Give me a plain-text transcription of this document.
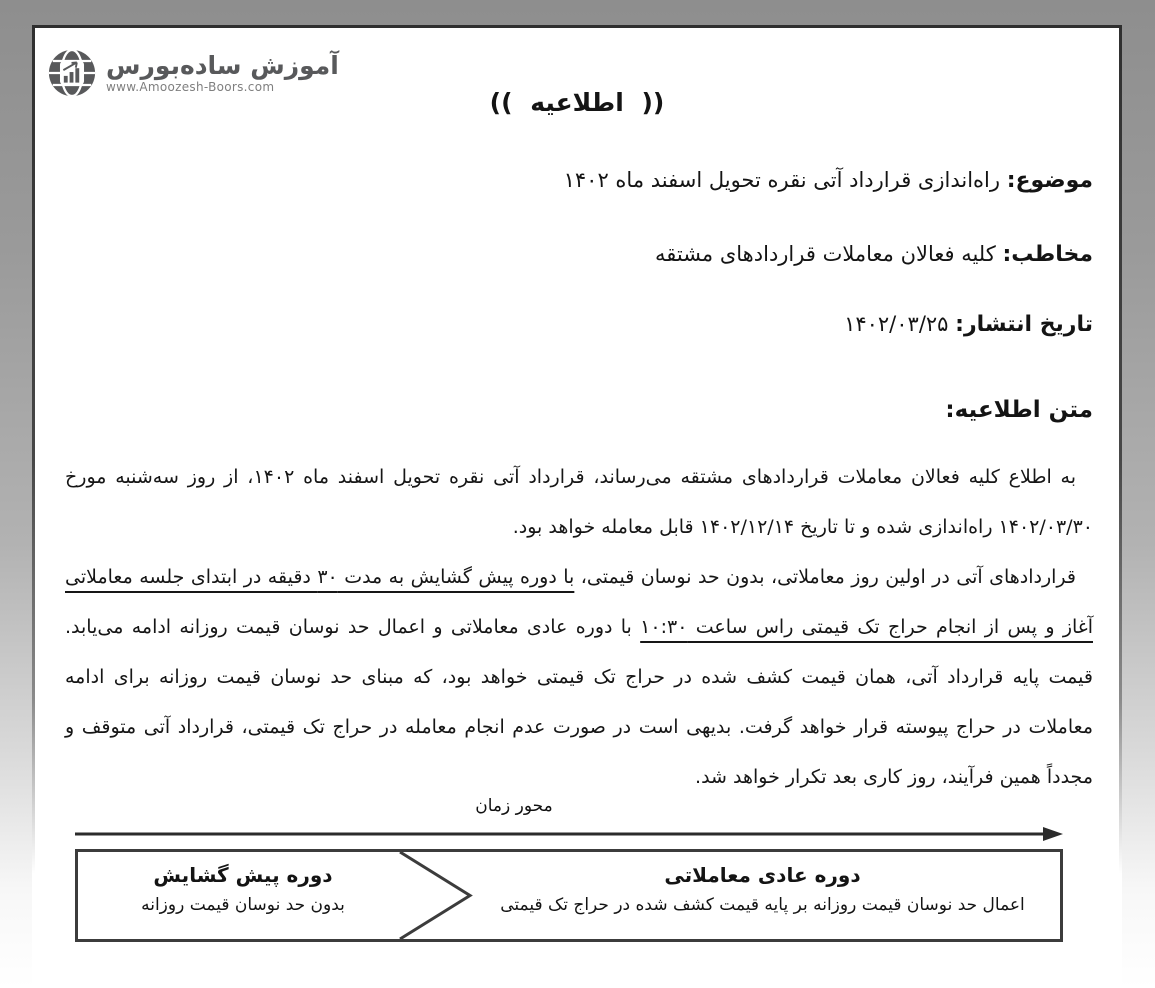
آموزش ساده‌بورس
www.Amoozesh-Boors.com
(( اطلاعیه ))
موضوع: راه‌اندازی قرارداد آتی نقره تحویل اسفند ماه ۱۴۰۲
مخاطب: کلیه فعالان معاملات قراردادهای مشتقه
تاریخ انتشار: ۱۴۰۲/۰۳/۲۵
متن اطلاعیه:

به اطلاع کلیه فعالان معاملات قراردادهای مشتقه می‌رساند، قرارداد آتی نقره تحویل اسفند ماه ۱۴۰۲، از روز سه‌شنبه مورخ ۱۴۰۲/۰۳/۳۰ راه‌اندازی شده و تا تاریخ ۱۴۰۲/۱۲/۱۴ قابل معامله خواهد بود.

قراردادهای آتی در اولین روز معاملاتی، بدون حد نوسان قیمتی، با دوره پیش گشایش به مدت ۳۰ دقیقه در ابتدای جلسه معاملاتی آغاز و پس از انجام حراج تک قیمتی راس ساعت ۱۰:۳۰ با دوره عادی معاملاتی و اعمال حد نوسان قیمت روزانه ادامه می‌یابد. قیمت پایه قرارداد آتی، همان قیمت کشف شده در حراج تک قیمتی خواهد بود، که مبنای حد نوسان قیمت روزانه برای ادامه معاملات در حراج پیوسته قرار خواهد گرفت. بدیهی است در صورت عدم انجام معامله در حراج تک قیمتی، قرارداد آتی متوقف و مجدداً همین فرآیند، روز کاری بعد تکرار خواهد شد.

محور زمان
دوره پیش گشایش
بدون حد نوسان قیمت روزانه
دوره عادی معاملاتی
اعمال حد نوسان قیمت روزانه بر پایه قیمت کشف شده در حراج تک قیمتی
